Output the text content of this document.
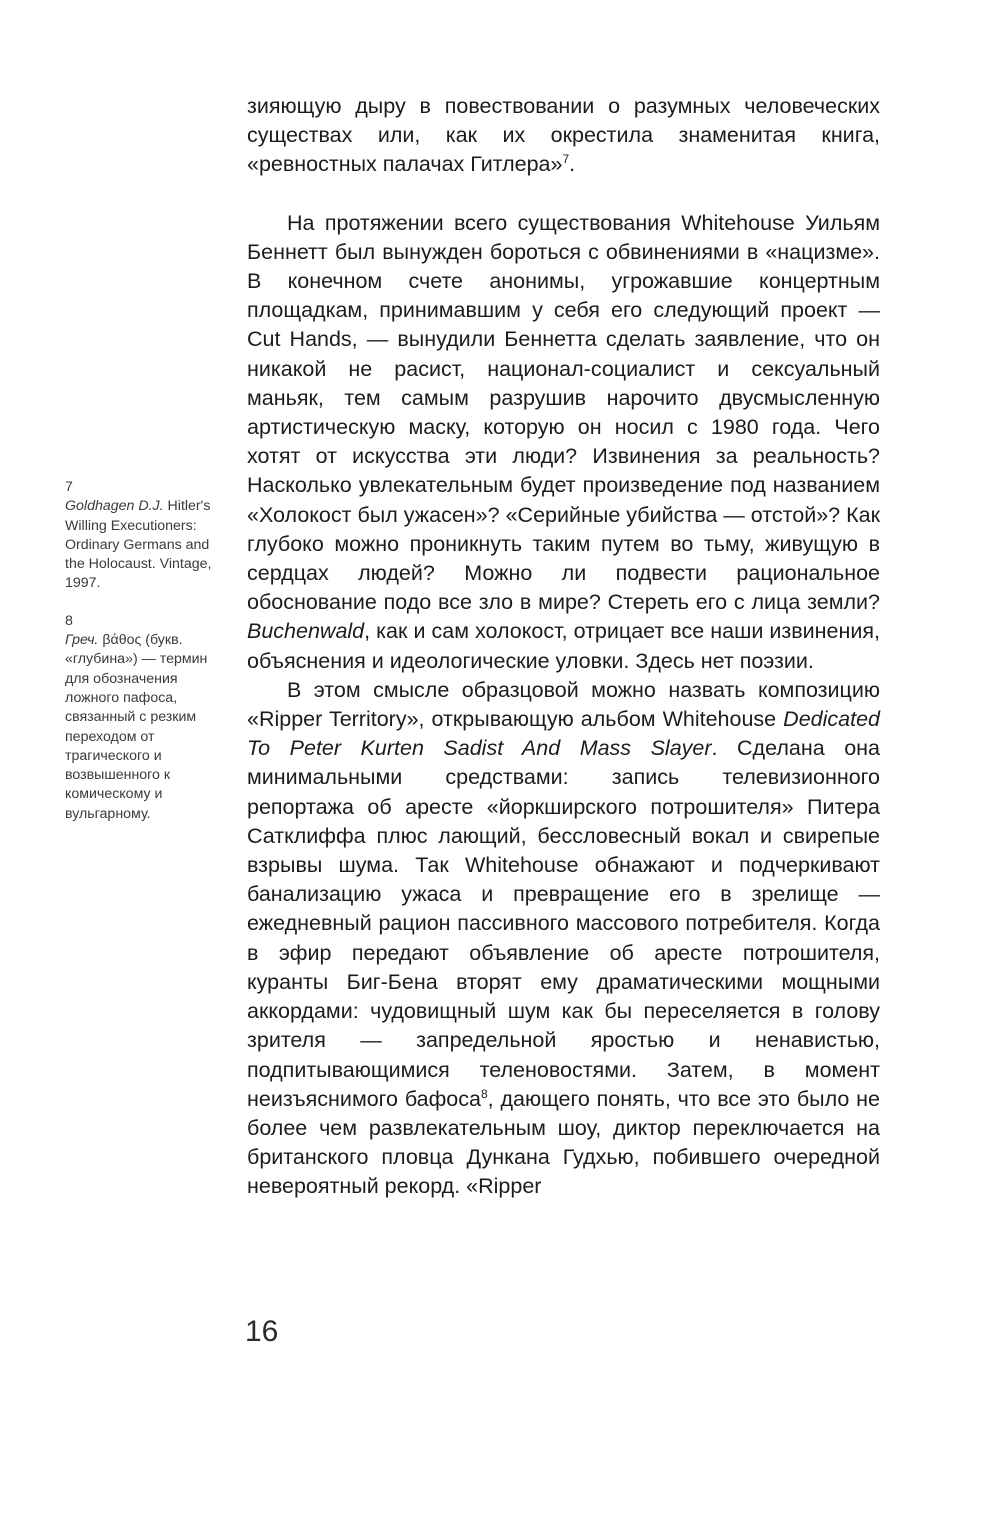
зияющую дыру в повествовании о разумных человеческих существах или, как их окрестила знаменитая книга, «ревностных палачах Гитлера»$^7$.

На протяжении всего существования Whitehouse Уильям Беннетт был вынужден бороться с обвинениями в «нацизме». В конечном счете анонимы, угрожавшие концертным площадкам, принимавшим у себя его следующий проект — Cut Hands, — вынудили Беннетта сделать заявление, что он никакой не расист, национал-социалист и сексуальный маньяк, тем самым разрушив нарочито двусмысленную артистическую маску, которую он носил с 1980 года. Чего хотят от искусства эти люди? Извинения за реальность? Насколько увлекательным будет произведение под названием «Холокост был ужасен»? «Серийные убийства — отстой»? Как глубоко можно проникнуть таким путем во тьму, живущую в сердцах людей? Можно ли подвести рациональное обоснование подо все зло в мире? Стереть его с лица земли? Buchenwald, как и сам холокост, отрицает все наши извинения, объяснения и идеологические уловки. Здесь нет поэзии.

В этом смысле образцовой можно назвать композицию «Ripper Territory», открывающую альбом Whitehouse Dedicated To Peter Kurten Sadist And Mass Slayer. Сделана она минимальными средствами: запись телевизионного репортажа об аресте «йоркширского потрошителя» Питера Сатклиффа плюс лающий, бессловесный вокал и свирепые взрывы шума. Так Whitehouse обнажают и подчеркивают банализацию ужаса и превращение его в зрелище — ежедневный рацион пассивного массового потребителя. Когда в эфир передают объявление об аресте потрошителя, куранты Биг-Бена вторят ему драматическими мощными аккордами: чудовищный шум как бы переселяется в голову зрителя — запредельной яростью и ненавистью, подпитывающимися теленовостями. Затем, в момент неизъяснимого бафоса$^8$, дающего понять, что все это было не более чем развлекательным шоу, диктор переключается на британского пловца Дункана Гудхью, побившего очередной невероятный рекорд. «Ripper

7
Goldhagen D.J. Hitler's Willing Executioners: Ordinary Germans and the Holocaust. Vintage, 1997.
8
Греч. βάθος (букв. «глубина») — термин для обозначения ложного пафоса, связанный с резким переходом от трагического и возвышенного к комическому и вульгарному.
16
